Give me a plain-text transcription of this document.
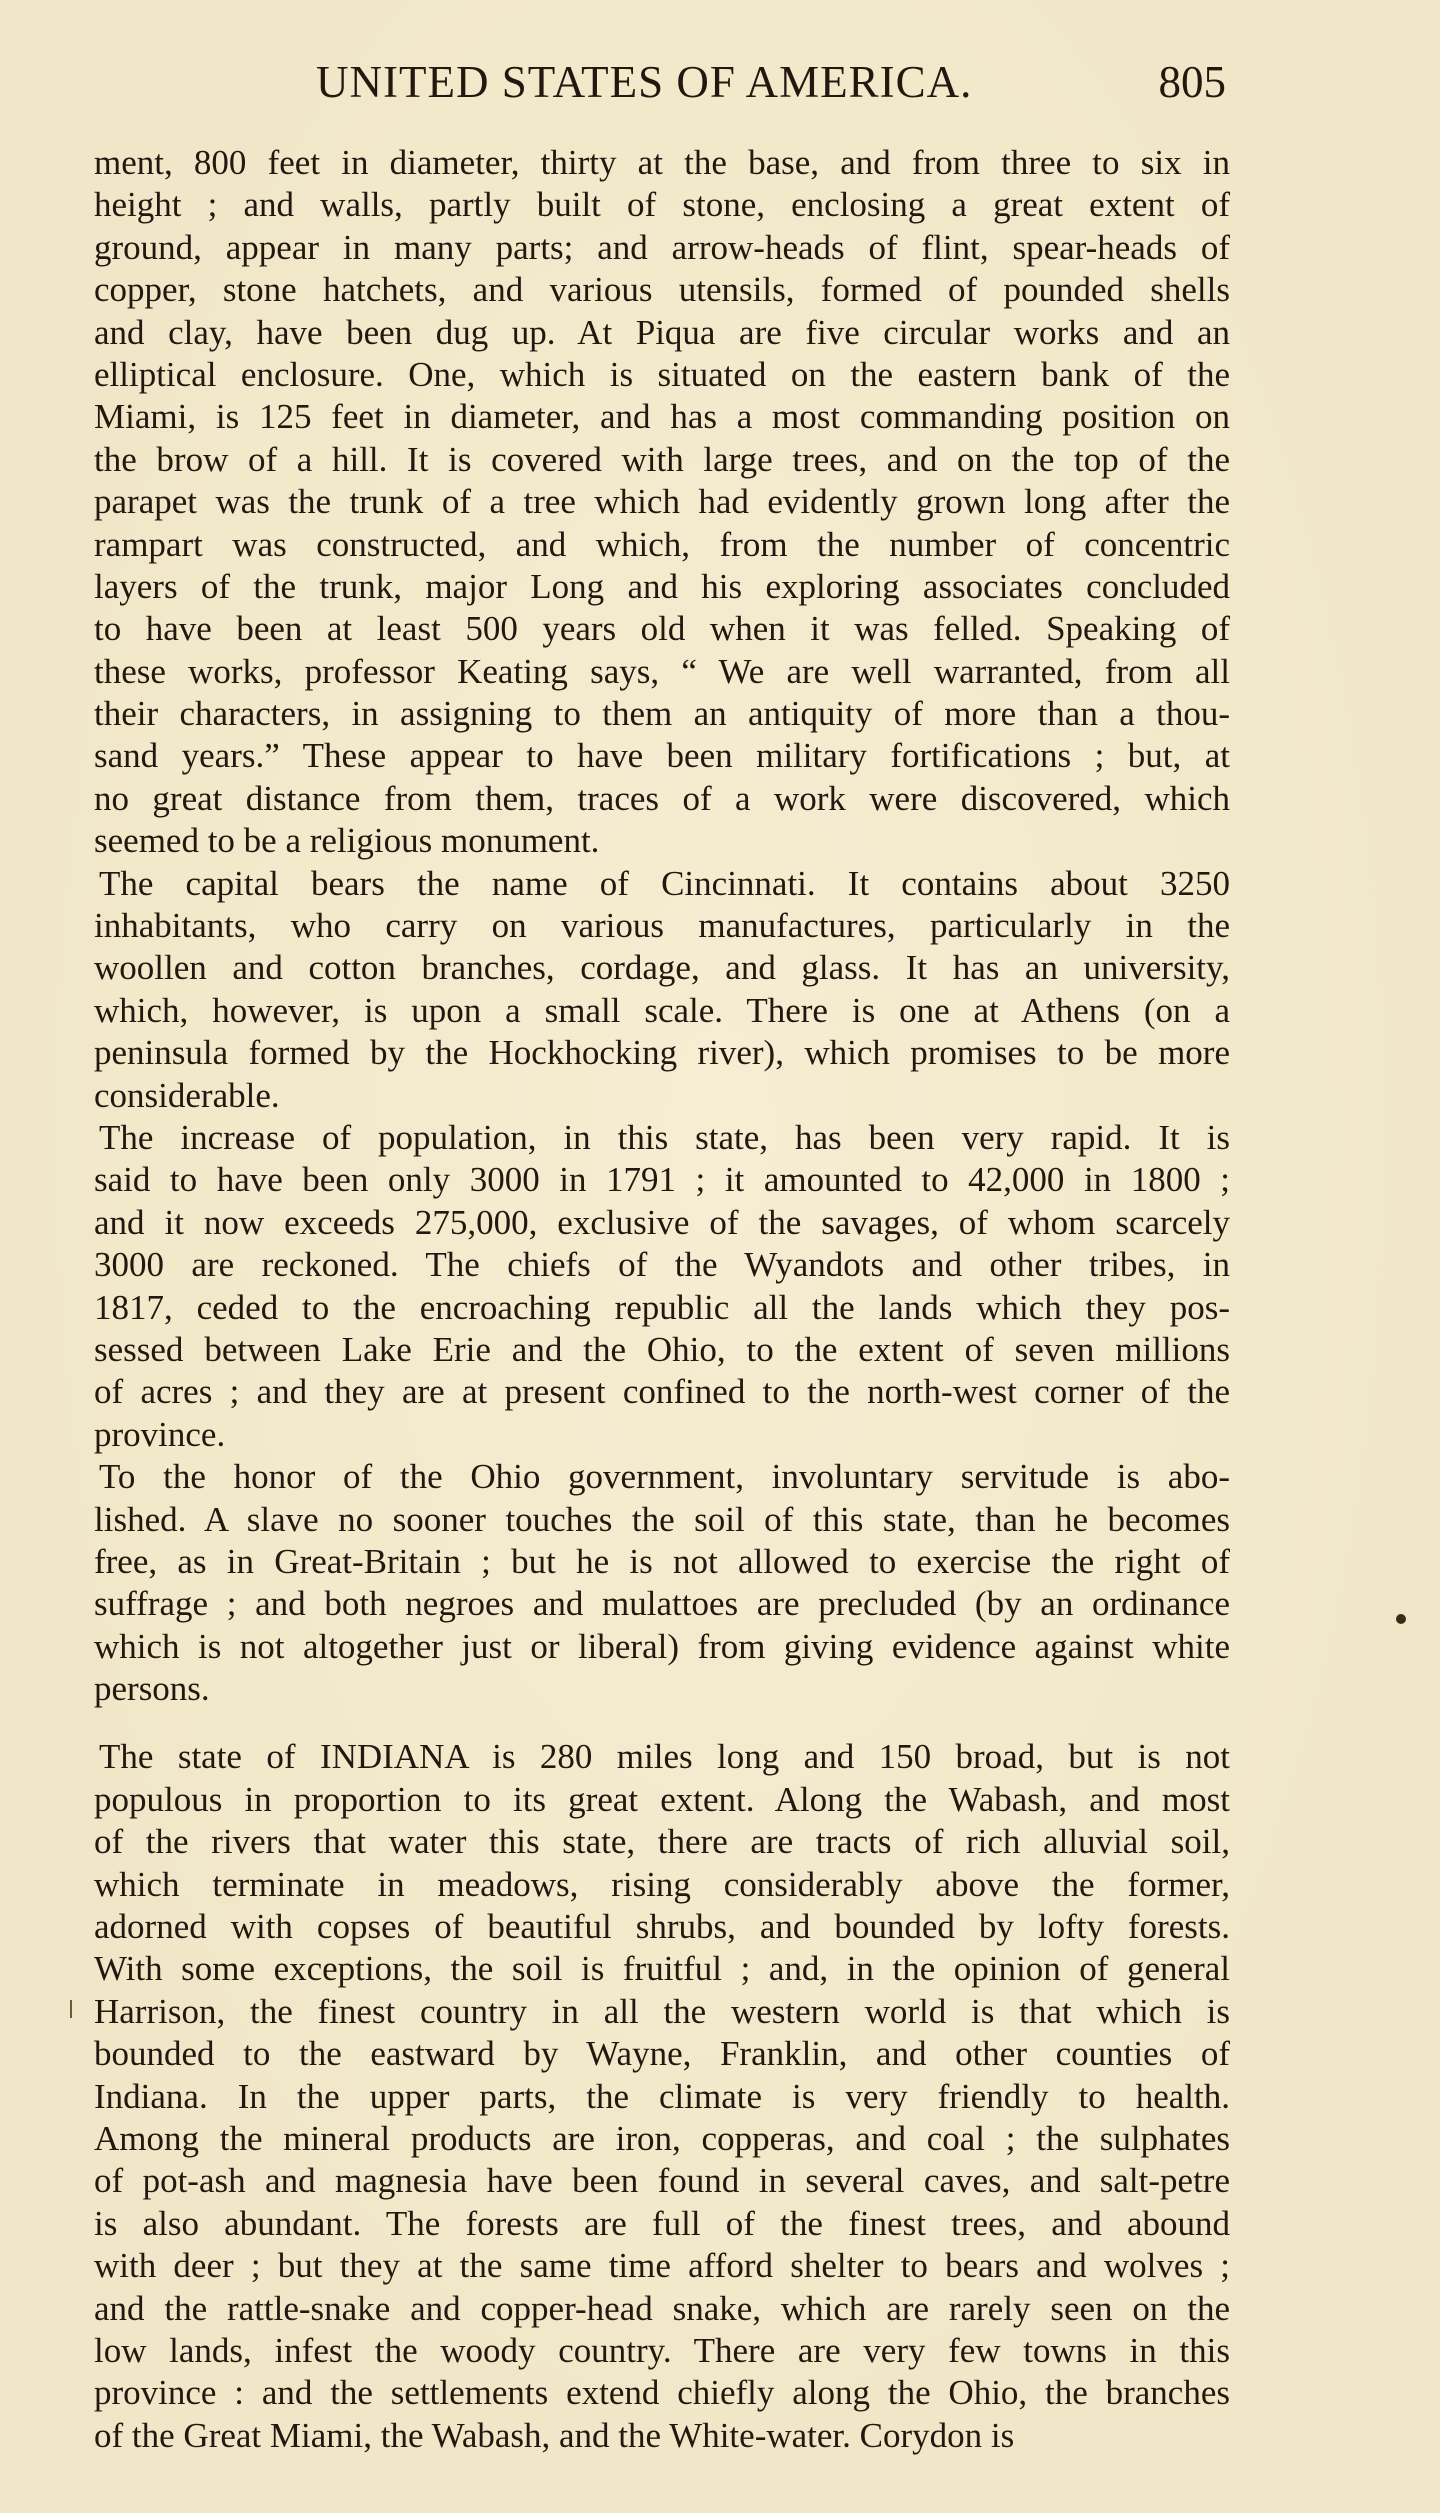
UNITED STATES OF AMERICA.	805
ment, 800 feet in diameter, thirty at the base, and from three to six in
height ; and walls, partly built of stone, enclosing a great extent of
ground, appear in many parts; and arrow-heads of flint, spear-heads of
copper, stone hatchets, and various utensils, formed of pounded shells
and clay, have been dug up. At Piqua are five circular works and an
elliptical enclosure. One, which is situated on the eastern bank of the
Miami, is 125 feet in diameter, and has a most commanding position on
the brow of a hill. It is covered with large trees, and on the top of the
parapet was the trunk of a tree which had evidently grown long after the
rampart was constructed, and which, from the number of concentric
layers of the trunk, major Long and his exploring associates concluded
to have been at least 500 years old when it was felled. Speaking of
these works, professor Keating says, “ We are well warranted, from all
their characters, in assigning to them an antiquity of more than a thou-
sand years.” These appear to have been military fortifications ; but, at
no great distance from them, traces of a work were discovered, which
seemed to be a religious monument.
The capital bears the name of Cincinnati. It contains about 3250
inhabitants, who carry on various manufactures, particularly in the
woollen and cotton branches, cordage, and glass. It has an university,
which, however, is upon a small scale. There is one at Athens (on a
peninsula formed by the Hockhocking river), which promises to be more
considerable.
The increase of population, in this state, has been very rapid. It is
said to have been only 3000 in 1791 ; it amounted to 42,000 in 1800 ;
and it now exceeds 275,000, exclusive of the savages, of whom scarcely
3000 are reckoned. The chiefs of the Wyandots and other tribes, in
1817, ceded to the encroaching republic all the lands which they pos-
sessed between Lake Erie and the Ohio, to the extent of seven millions
of acres ; and they are at present confined to the north-west corner of the
province.
To the honor of the Ohio government, involuntary servitude is abo-
lished. A slave no sooner touches the soil of this state, than he becomes
free, as in Great-Britain ; but he is not allowed to exercise the right of
suffrage ; and both negroes and mulattoes are precluded (by an ordinance
which is not altogether just or liberal) from giving evidence against white
persons.
The state of INDIANA is 280 miles long and 150 broad, but is not
populous in proportion to its great extent. Along the Wabash, and most
of the rivers that water this state, there are tracts of rich alluvial soil,
which terminate in meadows, rising considerably above the former,
adorned with copses of beautiful shrubs, and bounded by lofty forests.
With some exceptions, the soil is fruitful ; and, in the opinion of general
Harrison, the finest country in all the western world is that which is
bounded to the eastward by Wayne, Franklin, and other counties of
Indiana. In the upper parts, the climate is very friendly to health.
Among the mineral products are iron, copperas, and coal ; the sulphates
of pot-ash and magnesia have been found in several caves, and salt-petre
is also abundant. The forests are full of the finest trees, and abound
with deer ; but they at the same time afford shelter to bears and wolves ;
and the rattle-snake and copper-head snake, which are rarely seen on the
low lands, infest the woody country. There are very few towns in this
province : and the settlements extend chiefly along the Ohio, the branches
of the Great Miami, the Wabash, and the White-water. Corydon is
